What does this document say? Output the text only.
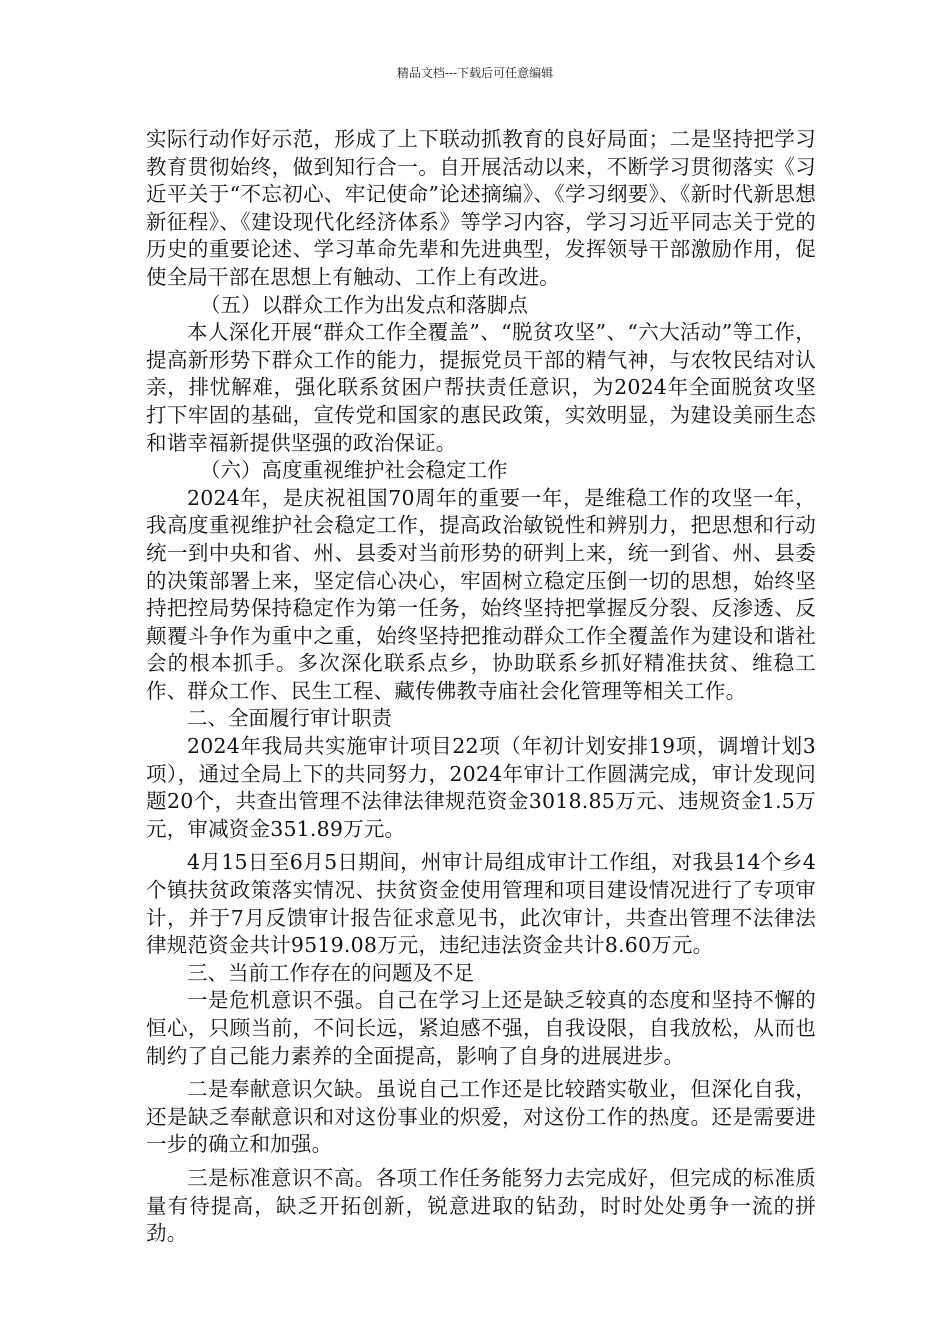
精品文档---下载后可任意编辑

实际行动作好示范，形成了上下联动抓教育的良好局面；二是坚持把学习教育贯彻始终，做到知行合一。自开展活动以来，不断学习贯彻落实《习近平关于“不忘初心、牢记使命”论述摘编》、《学习纲要》、《新时代新思想新征程》、《建设现代化经济体系》等学习内容，学习习近平同志关于党的历史的重要论述、学习革命先辈和先进典型，发挥领导干部激励作用，促使全局干部在思想上有触动、工作上有改进。

（五）以群众工作为出发点和落脚点

本人深化开展“群众工作全覆盖”、“脱贫攻坚”、“六大活动”等工作，提高新形势下群众工作的能力，提振党员干部的精气神，与农牧民结对认亲，排忧解难，强化联系贫困户帮扶责任意识，为2024年全面脱贫攻坚打下牢固的基础，宣传党和国家的惠民政策，实效明显，为建设美丽生态和谐幸福新提供坚强的政治保证。

（六）高度重视维护社会稳定工作

2024年，是庆祝祖国70周年的重要一年，是维稳工作的攻坚一年，我高度重视维护社会稳定工作，提高政治敏锐性和辨别力，把思想和行动统一到中央和省、州、县委对当前形势的研判上来，统一到省、州、县委的决策部署上来，坚定信心决心，牢固树立稳定压倒一切的思想，始终坚持把控局势保持稳定作为第一任务，始终坚持把掌握反分裂、反渗透、反颠覆斗争作为重中之重，始终坚持把推动群众工作全覆盖作为建设和谐社会的根本抓手。多次深化联系点乡，协助联系乡抓好精准扶贫、维稳工作、群众工作、民生工程、藏传佛教寺庙社会化管理等相关工作。

二、全面履行审计职责

2024年我局共实施审计项目22项（年初计划安排19项，调增计划3项），通过全局上下的共同努力，2024年审计工作圆满完成，审计发现问题20个，共查出管理不法律法律规范资金3018.85万元、违规资金1.5万元，审减资金351.89万元。

4月15日至6月5日期间，州审计局组成审计工作组，对我县14个乡4个镇扶贫政策落实情况、扶贫资金使用管理和项目建设情况进行了专项审计，并于7月反馈审计报告征求意见书，此次审计，共查出管理不法律法律规范资金共计9519.08万元，违纪违法资金共计8.60万元。

三、当前工作存在的问题及不足

一是危机意识不强。自己在学习上还是缺乏较真的态度和坚持不懈的恒心，只顾当前，不问长远，紧迫感不强，自我设限，自我放松，从而也制约了自己能力素养的全面提高，影响了自身的进展进步。

二是奉献意识欠缺。虽说自己工作还是比较踏实敬业，但深化自我，还是缺乏奉献意识和对这份事业的炽爱，对这份工作的热度。还是需要进一步的确立和加强。

三是标准意识不高。各项工作任务能努力去完成好，但完成的标准质量有待提高，缺乏开拓创新，锐意进取的钻劲，时时处处勇争一流的拼劲。
